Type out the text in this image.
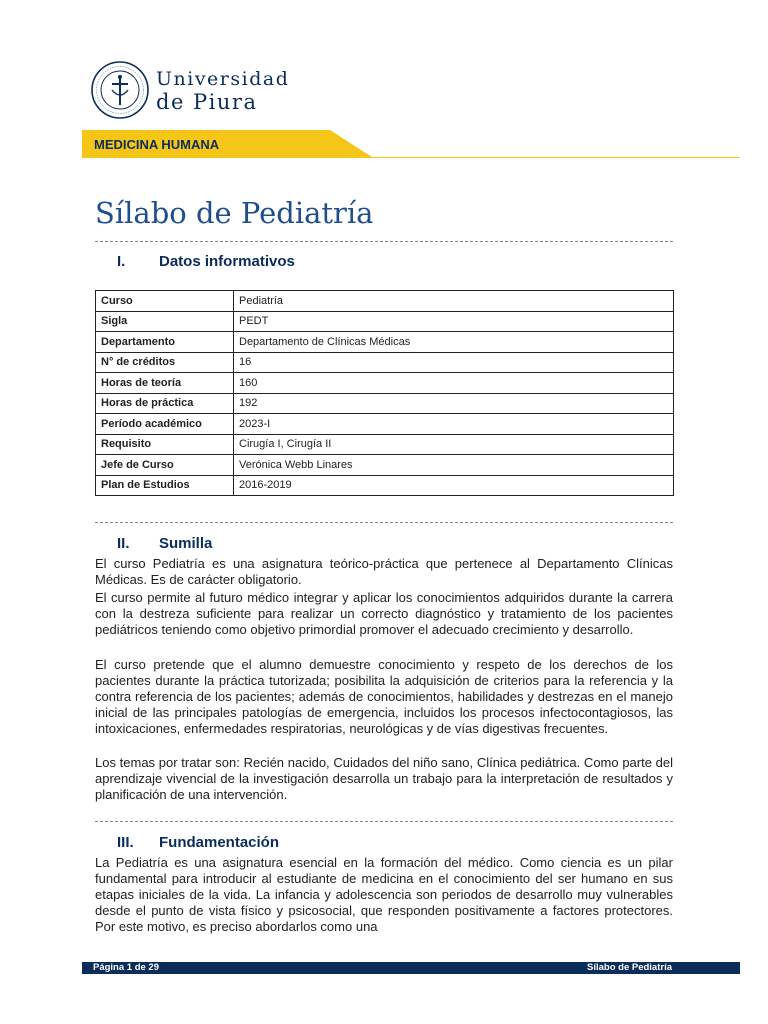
Universidad
de Piura
MEDICINA HUMANA
Sílabo de Pediatría
I. Datos informativos
Curso	Pediatría
Sigla	PEDT
Departamento	Departamento de Clínicas Médicas
N° de créditos	16
Horas de teoría	160
Horas de práctica	192
Período académico	2023-I
Requisito	Cirugía I, Cirugía II
Jefe de Curso	Verónica Webb Linares
Plan de Estudios	2016-2019
II. Sumilla

El curso Pediatría es una asignatura teórico-práctica que pertenece al Departamento Clínicas Médicas. Es de carácter obligatorio.

El curso permite al futuro médico integrar y aplicar los conocimientos adquiridos durante la carrera con la destreza suficiente para realizar un correcto diagnóstico y tratamiento de los pacientes pediátricos teniendo como objetivo primordial promover el adecuado crecimiento y desarrollo.

El curso pretende que el alumno demuestre conocimiento y respeto de los derechos de los pacientes durante la práctica tutorizada; posibilita la adquisición de criterios para la referencia y la contra referencia de los pacientes; además de conocimientos, habilidades y destrezas en el manejo inicial de las principales patologías de emergencia, incluidos los procesos infectocontagiosos, las intoxicaciones, enfermedades respiratorias, neurológicas y de vías digestivas frecuentes.

Los temas por tratar son: Recién nacido, Cuidados del niño sano, Clínica pediátrica. Como parte del aprendizaje vivencial de la investigación desarrolla un trabajo para la interpretación de resultados y planificación de una intervención.

III. Fundamentación

La Pediatría es una asignatura esencial en la formación del médico. Como ciencia es un pilar fundamental para introducir al estudiante de medicina en el conocimiento del ser humano en sus etapas iniciales de la vida. La infancia y adolescencia son periodos de desarrollo muy vulnerables desde el punto de vista físico y psicosocial, que responden positivamente a factores protectores. Por este motivo, es preciso abordarlos como una

Página 1 de 29	Sílabo de Pediatría
